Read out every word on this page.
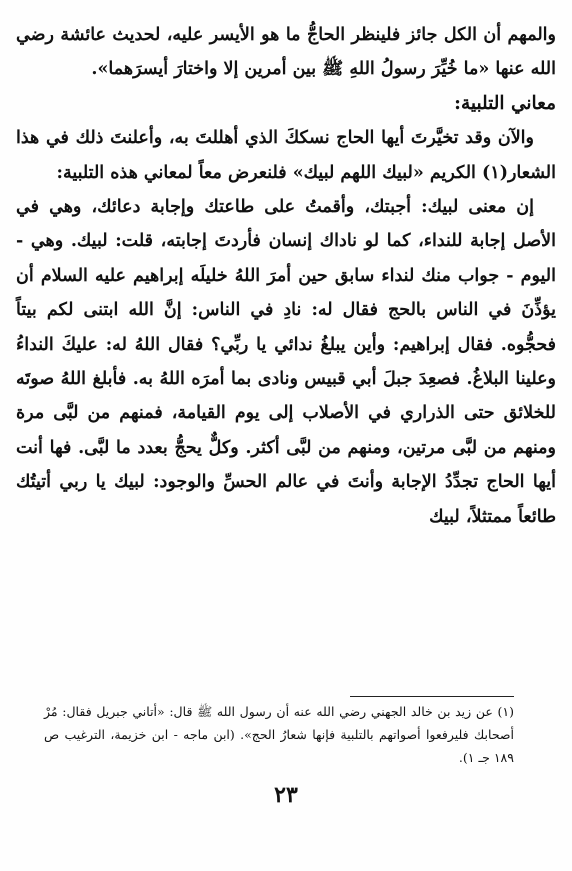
والمهم أن الكل جائز فلينظر الحاجُّ ما هو الأيسر عليه، لحديث عائشة رضي الله عنها «ما خُيِّرَ رسولُ اللهِ ﷺ بين أمرين إلا واختارَ أيسرَهما».

معاني التلبية:

والآن وقد تخيَّرتَ أيها الحاج نسككَ الذي أهللتَ به، وأعلنتَ ذلك في هذا الشعار(١) الكريم «لبيك اللهم لبيك» فلنعرض معاً لمعاني هذه التلبية:

إن معنى لبيك: أجبتك، وأقمتُ على طاعتك وإجابة دعائك، وهي في الأصل إجابة للنداء، كما لو ناداك إنسان فأردتَ إجابته، قلت: لبيك. وهي - اليوم - جواب منك لنداء سابق حين أمرَ اللهُ خليلَه إبراهيم عليه السلام أن يؤذِّنَ في الناس بالحج فقال له: نادِ في الناس: إنَّ الله ابتنى لكم بيتاً فحجُّوه. فقال إبراهيم: وأين يبلغُ ندائي يا ربِّي؟ فقال اللهُ له: عليكَ النداءُ وعلينا البلاغُ. فصعِدَ جبلَ أبي قبيس ونادى بما أمرَه اللهُ به. فأبلغ اللهُ صوتَه للخلائق حتى الذراري في الأصلاب إلى يوم القيامة، فمنهم من لبَّى مرة ومنهم من لبَّى مرتين، ومنهم من لبَّى أكثر. وكلٌّ يحجُّ بعدد ما لبَّى. فها أنت أيها الحاج تجدِّدُ الإجابة وأنتَ في عالم الحسِّ والوجود: لبيك يا ربي أتيتُك طائعاً ممتثلاً، لبيك

(١) عن زيد بن خالد الجهني رضي الله عنه أن رسول الله ﷺ قال: «أتاني جبريل فقال: مُرْ أصحابك فليرفعوا أصواتهم بالتلبية فإنها شعارُ الحج». (ابن ماجه - ابن خزيمة، الترغيب ص ١٨٩ جـ ١).

٢٣
